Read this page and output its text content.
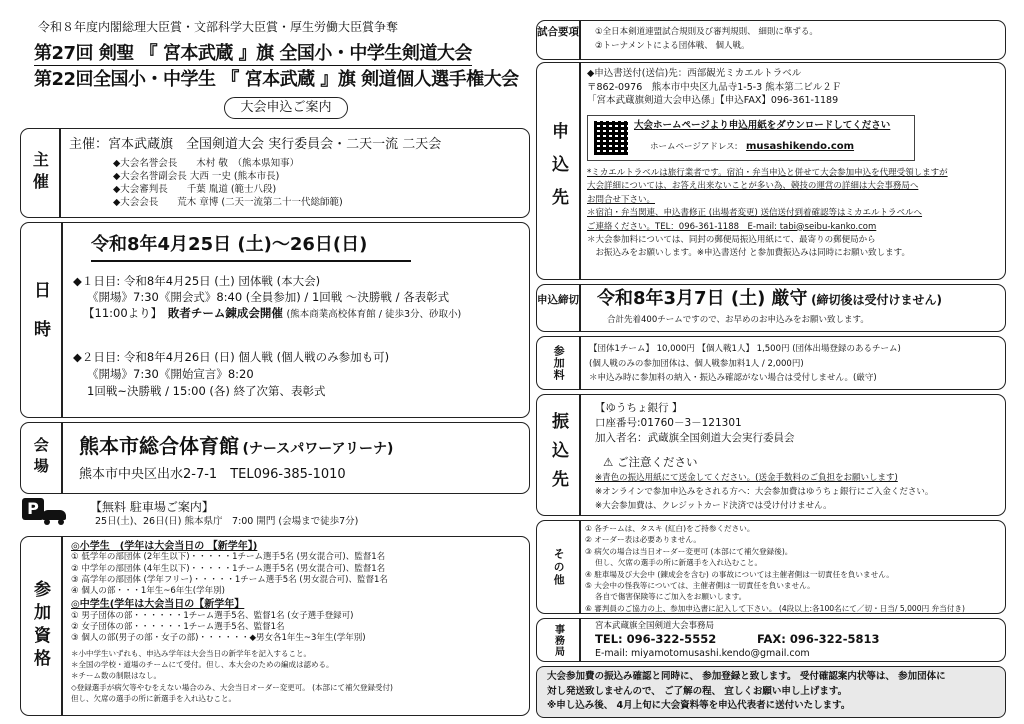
令和８年度内閣総理大臣賞・文部科学大臣賞・厚生労働大臣賞争奪
第27回 剣聖 『 宮本武蔵 』旗 全国小・中学生剣道大会
第22回全国小・中学生 『 宮本武蔵 』旗 剣道個人選手権大会
大会申込ご案内
主催
主催：宮本武蔵旗　全国剣道大会 実行委員会・二天一流 二天会
◆大会名誉会長　　木村 敬　（熊本県知事）
◆大会名誉副会長 大西 一史 (熊本市長)
◆大会審判長　　千葉 胤道 (範士八段)
◆大会会長　　荒木 章博 (二天一流第二十一代総師範)
日時
令和8年4月25日 (土)～26日(日)
◆１日目: 令和8年4月25日 (土) 団体戦 (本大会)
《開場》7:30《開会式》8:40 (全員参加) / 1回戦 ～決勝戦 / 各表彰式
【11:00より】　 敗者チーム錬成会開催 (熊本商業高校体育館 / 徒歩3分、砂取小)
◆２日目: 令和8年4月26日 (日) 個人戦 (個人戦のみ参加も可)
《開場》7:30《開始宣言》8:20
1回戦~決勝戦 / 15:00 (各) 終了次第、表彰式
会場	熊本市総合体育館 (ナースパワーアリーナ)
熊本市中央区出水2-7-1　TEL096-385-1010
P	【無料 駐車場ご案内】
25日(土)、26日(日) 熊本県庁　7:00 開門 (会場まで徒歩7分)
参加資格
◎小学生　(学年は大会当日の 【新学年】)
① 低学年の部団体 (2年生以下)・・・・・1チーム選手5名 (男女混合可)、監督1名
② 中学年の部団体 (4年生以下)・・・・・1チーム選手5名 (男女混合可)、監督1名
③ 高学年の部団体 (学年フリー)・・・・・1チーム選手5名 (男女混合可)、監督1名
④ 個人の部・・・1年生~6年生(学年別)
◎中学生(学年は大会当日の【新学年】
① 男子団体の部・・・・・・1チーム選手5名、監督1名 (女子選手登録可)
② 女子団体の部・・・・・・1チーム選手5名、監督1名
③ 個人の部(男子の部・女子の部)・・・・・・◆男女各1年生~3年生(学年別)
＊小中学生いずれも、申込み学年は大会当日の新学年を記入すること。
＊全国の学校・道場のチームにて受付。但し、本大会のための編成は認める。
＊チーム数の制限はなし。
◇登録選手が病欠等やむをえない場合のみ、大会当日オーダー変更可。 (本部にて補欠登録受付)
但し、欠席の選手の所に新選手を入れ込むこと。
試合要項 ①全日本剣道連盟試合規則及び審判規則、 細則に準ずる。
②トーナメントによる団体戦、 個人戦。
申込先
◆申込書送付(送信)先：西部観光ミカエルトラベル
〒862-0976　熊本市中央区九品寺1-5-3 熊本第二ビル２Ｆ
「宮本武蔵旗剣道大会申込係」【申込FAX】096-361-1189
大会ホームページより申込用紙をダウンロードしてください
ホームページアドレス:　 musashikendo.com
*ミカエルトラベルは旅行業者です。宿泊・弁当申込と併せて大会参加申込を代理受領しますが
大会詳細については、お答え出来ないことが多い為、競技の運営の詳細は大会事務局へ
お問合せ下さい。
＊宿泊・弁当関連、申込書修正 (出場者変更) 送信送付到着確認等はミカエルトラベルへ
ご連絡ください。TEL：096-361-1188　E-mail: tabi@seibu-kanko.com
＊大会参加料については、同封の郵便局振込用紙にて、最寄りの郵便局から
　お振込みをお願いします。※申込書送付 と参加費振込みは同時にお願い致します。
申込締切 令和8年3月7日 (土) 厳守 (締切後は受付けません)
合計先着400チームですので、お早めのお申込みをお願い致します。
参加料	【団体1チーム】 10,000円 【個人戦1人】 1,500円 (団体出場登録のあるチーム)
(個人戦のみの参加団体は、個人戦参加料1人 / 2,000円)
＊申込み時に参加料の納入・振込み確認がない場合は受付しません。(厳守)
振込先
【ゆうちょ銀行 】
口座番号:01760－3－121301
加入者名：武蔵旗全国剣道大会実行委員会
⚠ ご注意ください
※青色の振込用紙にて送金してください。(送金手数料のご負担をお願いします)
※オンラインで参加申込みをされる方へ：大会参加費はゆうちょ銀行にご入金ください。
※大会参加費は、クレジットカード決済では受け付けません。
その他
① 各チームは、タスキ (紅白)をご持参ください。
② オーダー表は必要ありません。
③ 病欠の場合は当日オーダー変更可 (本部にて補欠登録後)。
　 但し、欠席の選手の所に新選手を入れ込むこと。
④ 駐車場及び大会中 (錬成会を含む) の事故については主催者側は一切責任を負いません。
⑤ 大会中の怪我等については、主催者側は一切責任を負いません。
　 各自で傷害保険等にご加入をお願いします。
⑥ 審判員のご協力の上、参加申込書に記入して下さい。 (4段以上:各100名にて／切・日当/ 5,000円 弁当付き)
事務局	宮本武蔵旗全国剣道大会事務局
TEL: 096-322-5552	FAX: 096-322-5813
E-mail: miyamotomusashi.kendo@gmail.com
大会参加費の振込み確認と同時に、 参加登録と致します。 受付確認案内状等は、 参加団体に
対し発送致しませんので、 ご了解の程、 宜しくお願い申し上げます。
※申し込み後、 4月上旬に大会資料等を申込代表者に送付いたします。
